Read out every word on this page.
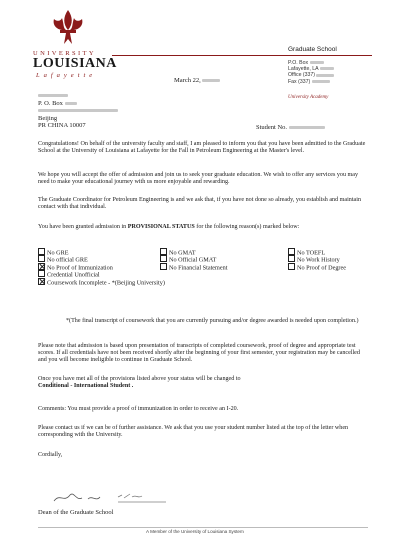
UNIVERSITY
LOUISIANA
Lafayette
Graduate School
P.O. Box
Lafayette, LA
Office (337)
Fax (337)
University Academy
March 22,
P. O. Box
Beijing
PR CHINA 10007	Student No.

Congratulations! On behalf of the university faculty and staff, I am pleased to inform you that you have been admitted to the Graduate School at the University of Louisiana at Lafayette for the Fall in Petroleum Engineering at the Master's level.

We hope you will accept the offer of admission and join us to seek your graduate education. We wish to offer any services you may need to make your educational journey with us more enjoyable and rewarding.

The Graduate Coordinator for Petroleum Engineering is and we ask that, if you have not done so already, you establish and maintain contact with that individual.

You have been granted admission in PROVISIONAL STATUS for the following reason(s) marked below:

No GRE	No GMAT	No TOEFL
No official GRE	No Official GMAT	No Work History
No Proof of Immunization	No Financial Statement	No Proof of Degree
Credential Unofficial
Coursework Incomplete - *(Beijing University)
*(The final transcript of coursework that you are currently pursuing and/or degree awarded is needed upon completion.)

Please note that admission is based upon presentation of transcripts of completed coursework, proof of degree and appropriate test scores. If all credentials have not been received shortly after the beginning of your first semester, your registration may be cancelled and you will become ineligible to continue in Graduate School.

Once you have met all of the provisions listed above your status will be changed to
Conditional - International Student .

Comments: You must provide a proof of immunization in order to receive an I-20.

Please contact us if we can be of further assistance. We ask that you use your student number listed at the top of the letter when corresponding with the University.

Cordially,

Dean of the Graduate School
A Member of the University of Louisiana System
